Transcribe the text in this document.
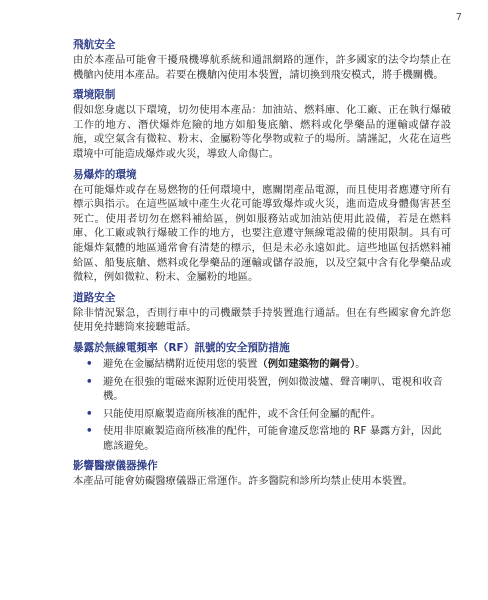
7
飛航安全

由於本產品可能會干擾飛機導航系統和通訊網路的運作，許多國家的法令均禁止在機艙內使用本產品。若要在機艙內使用本裝置，請切換到飛安模式，將手機關機。

環境限制

假如您身處以下環境，切勿使用本產品：加油站、燃料庫、化工廠、正在執行爆破工作的地方、潛伏爆炸危險的地方如船隻底艙、燃料或化學藥品的運輸或儲存設施，或空氣含有微粒、粉末、金屬粉等化學物或粒子的場所。請謹記，火花在這些環境中可能造成爆炸或火災，導致人命傷亡。

易爆炸的環境

在可能爆炸或存在易燃物的任何環境中，應關閉產品電源，而且使用者應遵守所有標示與指示。在這些區域中產生火花可能導致爆炸或火災，進而造成身體傷害甚至死亡。使用者切勿在燃料補給區，例如服務站或加油站使用此設備，若是在燃料庫、化工廠或執行爆破工作的地方，也要注意遵守無線電設備的使用限制。具有可能爆炸氣體的地區通常會有清楚的標示，但是未必永遠如此。這些地區包括燃料補給區、船隻底艙、燃料或化學藥品的運輸或儲存設施，以及空氣中含有化學藥品或微粒，例如微粒、粉末、金屬粉的地區。

道路安全

除非情況緊急，否則行車中的司機嚴禁手持裝置進行通話。但在有些國家會允許您使用免持聽筒來接聽電話。

暴露於無線電頻率（RF）訊號的安全預防措施
• 避免在金屬結構附近使用您的裝置（例如建築物的鋼骨）。
• 避免在很強的電磁來源附近使用裝置，例如微波爐、聲音喇叭、電視和收音機。
• 只能使用原廠製造商所核准的配件，或不含任何金屬的配件。
• 使用非原廠製造商所核准的配件，可能會違反您當地的 RF 暴露方針，因此應該避免。
影響醫療儀器操作

本產品可能會妨礙醫療儀器正常運作。許多醫院和診所均禁止使用本裝置。
